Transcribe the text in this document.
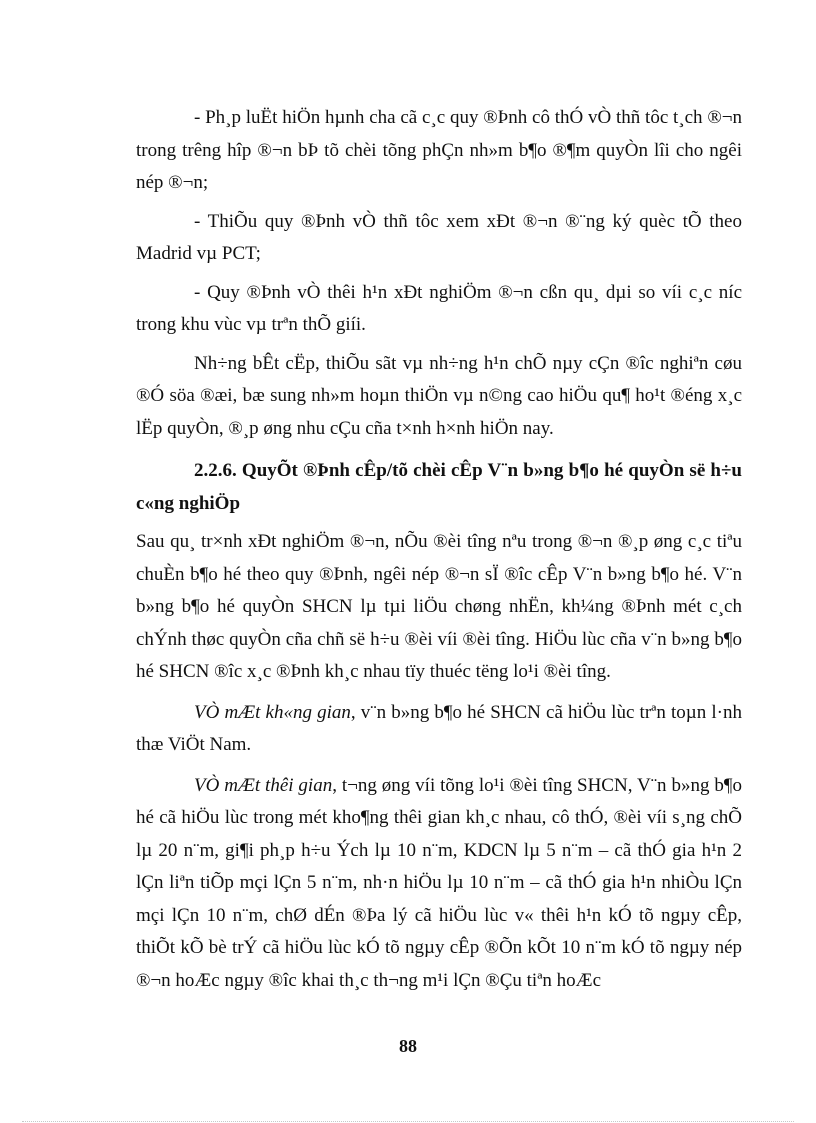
- Ph¸p luËt hiÖn hµnh cha cã c¸c quy ®Þnh cô thÓ vÒ thñ tôc t¸ch ®¬n trong trêng hîp ®¬n bÞ tõ chèi tõng phÇn nh»m b¶o ®¶m quyÒn lîi cho ngêi nép ®¬n;

- ThiÕu quy ®Þnh vÒ thñ tôc xem xÐt ®¬n ®¨ng ký quèc tÕ theo Madrid vµ PCT;

- Quy ®Þnh vÒ thêi h¹n xÐt nghiÖm ®¬n cßn qu¸ dµi so víi c¸c níc trong khu vùc vµ trªn thÕ giíi.

Nh÷ng bÊt cËp, thiÕu sãt vµ nh÷ng h¹n chÕ nµy cÇn ®îc nghiªn cøu ®Ó söa ®æi, bæ sung nh»m hoµn thiÖn vµ n©ng cao hiÖu qu¶ ho¹t ®éng x¸c lËp quyÒn, ®¸p øng nhu cÇu cña t×nh h×nh hiÖn nay.

2.2.6. QuyÕt ®Þnh cÊp/tõ chèi cÊp V¨n b»ng b¶o hé quyÒn së h÷u c«ng nghiÖp

Sau qu¸ tr×nh xÐt nghiÖm ®¬n, nÕu ®èi tîng nªu trong ®¬n ®¸p øng c¸c tiªu chuÈn b¶o hé theo quy ®Þnh, ngêi nép ®¬n sÏ ®îc cÊp V¨n b»ng b¶o hé. V¨n b»ng b¶o hé quyÒn SHCN lµ tµi liÖu chøng nhËn, kh¼ng ®Þnh mét c¸ch chÝnh thøc quyÒn cña chñ së h÷u ®èi víi ®èi tîng. HiÖu lùc cña v¨n b»ng b¶o hé SHCN ®îc x¸c ®Þnh kh¸c nhau tïy thuéc tëng lo¹i ®èi tîng.

VÒ mÆt kh«ng gian, v¨n b»ng b¶o hé SHCN cã hiÖu lùc trªn toµn l·nh thæ ViÖt Nam.

VÒ mÆt thêi gian, t¬ng øng víi tõng lo¹i ®èi tîng SHCN, V¨n b»ng b¶o hé cã hiÖu lùc trong mét kho¶ng thêi gian kh¸c nhau, cô thÓ, ®èi víi s¸ng chÕ lµ 20 n¨m, gi¶i ph¸p h÷u Ých lµ 10 n¨m, KDCN lµ 5 n¨m – cã thÓ gia h¹n 2 lÇn liªn tiÕp mçi lÇn 5 n¨m, nh·n hiÖu lµ 10 n¨m – cã thÓ gia h¹n nhiÒu lÇn mçi lÇn 10 n¨m, chØ dÉn ®Þa lý cã hiÖu lùc v« thêi h¹n kÓ tõ ngµy cÊp, thiÕt kÕ bè trÝ cã hiÖu lùc kÓ tõ ngµy cÊp ®Õn kÕt 10 n¨m kÓ tõ ngµy nép ®¬n hoÆc ngµy ®îc khai th¸c th¬ng m¹i lÇn ®Çu tiªn hoÆc

88
